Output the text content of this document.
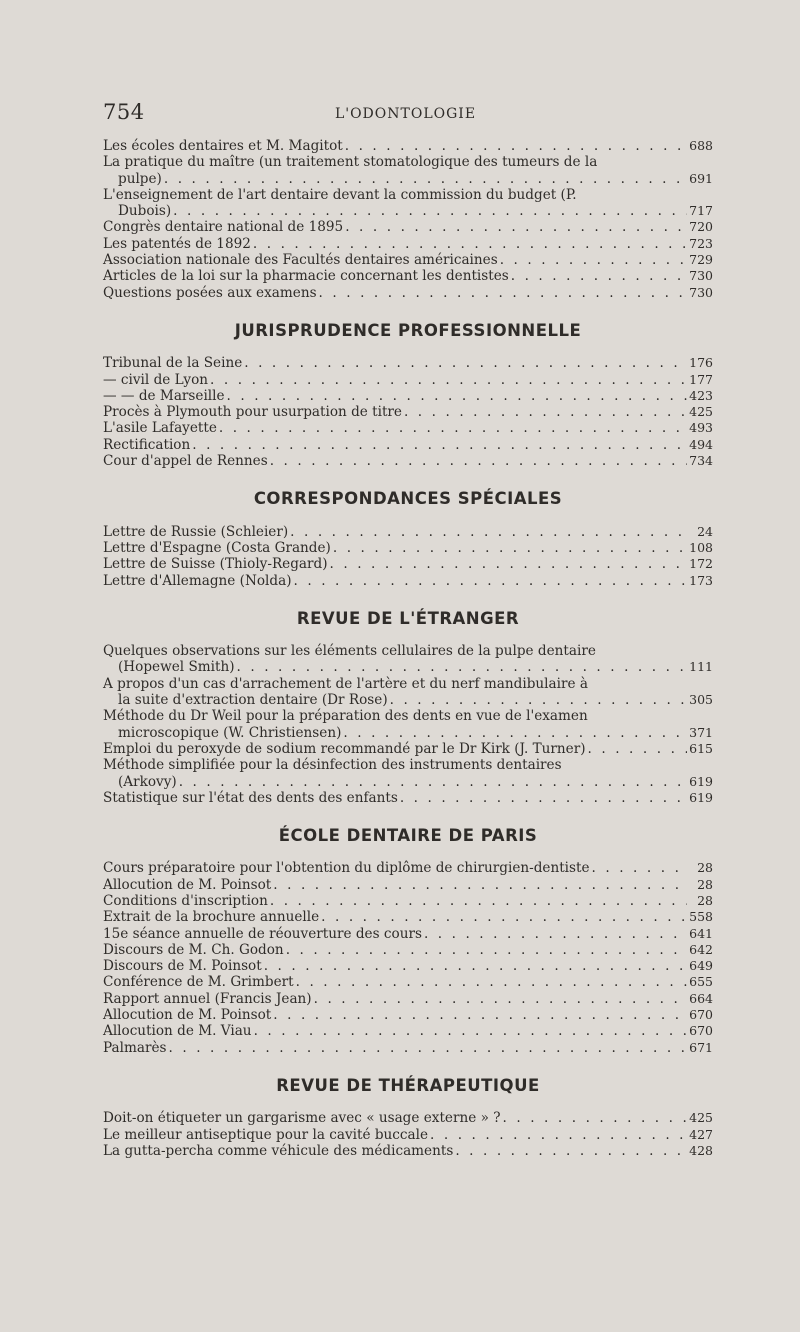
754	L'ODONTOLOGIE
Les écoles dentaires et M. Magitot . . .	688
La pratique du maître (un traitement stomatologique des tumeurs de la
pulpe) . . .	691
L'enseignement de l'art dentaire devant la commission du budget (P.
Dubois) . . .	717
Congrès dentaire national de 1895 . . .	720
Les patentés de 1892 . . .	723
Association nationale des Facultés dentaires américaines . . .	729
Articles de la loi sur la pharmacie concernant les dentistes . . .	730
Questions posées aux examens . . .	730
JURISPRUDENCE PROFESSIONNELLE
Tribunal de la Seine . . .	176
— civil de Lyon . . .	177
— — de Marseille . . .	423
Procès à Plymouth pour usurpation de titre . . .	425
L'asile Lafayette . . .	493
Rectification . . .	494
Cour d'appel de Rennes . . .	734
CORRESPONDANCES SPÉCIALES
Lettre de Russie (Schleier) . . .	24
Lettre d'Espagne (Costa Grande) . . .	108
Lettre de Suisse (Thioly-Regard) . . .	172
Lettre d'Allemagne (Nolda) . . .	173
REVUE DE L'ÉTRANGER
Quelques observations sur les éléments cellulaires de la pulpe dentaire
(Hopewel Smith) . . .	111
A propos d'un cas d'arrachement de l'artère et du nerf mandibulaire à
la suite d'extraction dentaire (Dr Rose) . . .	305
Méthode du Dr Weil pour la préparation des dents en vue de l'examen
microscopique (W. Christiensen) . . .	371
Emploi du peroxyde de sodium recommandé par le Dr Kirk (J. Turner) . . .	615
Méthode simplifiée pour la désinfection des instruments dentaires
(Arkovy) . . .	619
Statistique sur l'état des dents des enfants . . .	619
ÉCOLE DENTAIRE DE PARIS
Cours préparatoire pour l'obtention du diplôme de chirurgien-dentiste . . .	28
Allocution de M. Poinsot . . .	28
Conditions d'inscription . . .	28
Extrait de la brochure annuelle . . .	558
15e séance annuelle de réouverture des cours . . .	641
Discours de M. Ch. Godon . . .	642
Discours de M. Poinsot . . .	649
Conférence de M. Grimbert . . .	655
Rapport annuel (Francis Jean) . . .	664
Allocution de M. Poinsot . . .	670
Allocution de M. Viau . . .	670
Palmarès . . .	671
REVUE DE THÉRAPEUTIQUE
Doit-on étiqueter un gargarisme avec « usage externe » ? . . .	425
Le meilleur antiseptique pour la cavité buccale . . .	427
La gutta-percha comme véhicule des médicaments . . .	428
